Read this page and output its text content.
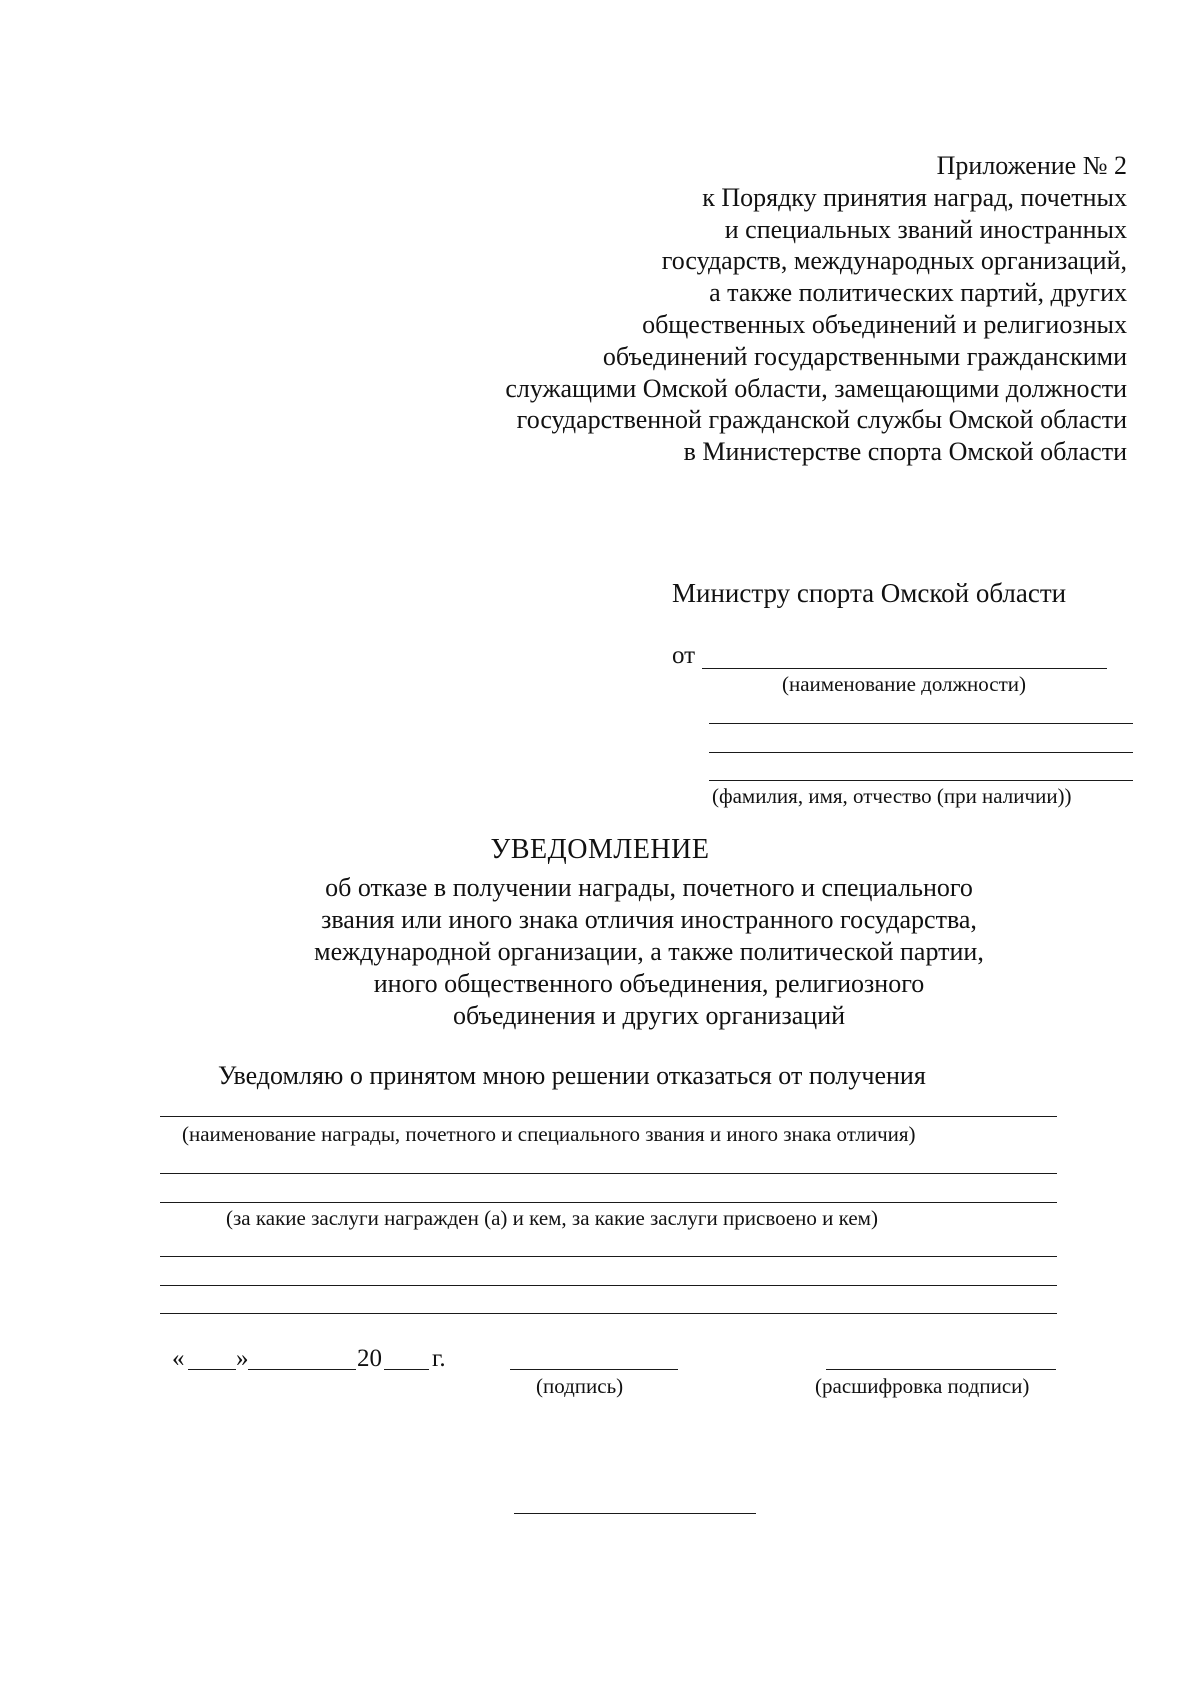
Приложение № 2
к Порядку принятия наград, почетных
и специальных званий иностранных
государств, международных организаций,
а также политических партий, других
общественных объединений и религиозных
объединений государственными гражданскими
служащими Омской области, замещающими должности
государственной гражданской службы Омской области
в Министерстве спорта Омской области
Министру спорта Омской области
от
(наименование должности)
(фамилия, имя, отчество (при наличии))
УВЕДОМЛЕНИЕ
об отказе в получении награды, почетного и специального
звания или иного знака отличия иностранного государства,
международной организации, а также политической партии,
иного общественного объединения, религиозного
объединения и других организаций
Уведомляю о принятом мною решении отказаться от получения
(наименование награды, почетного и специального звания и иного знака отличия)
(за какие заслуги награжден (а) и кем, за какие заслуги присвоено и кем)
« »	20 г.
(подпись)	(расшифровка подписи)
